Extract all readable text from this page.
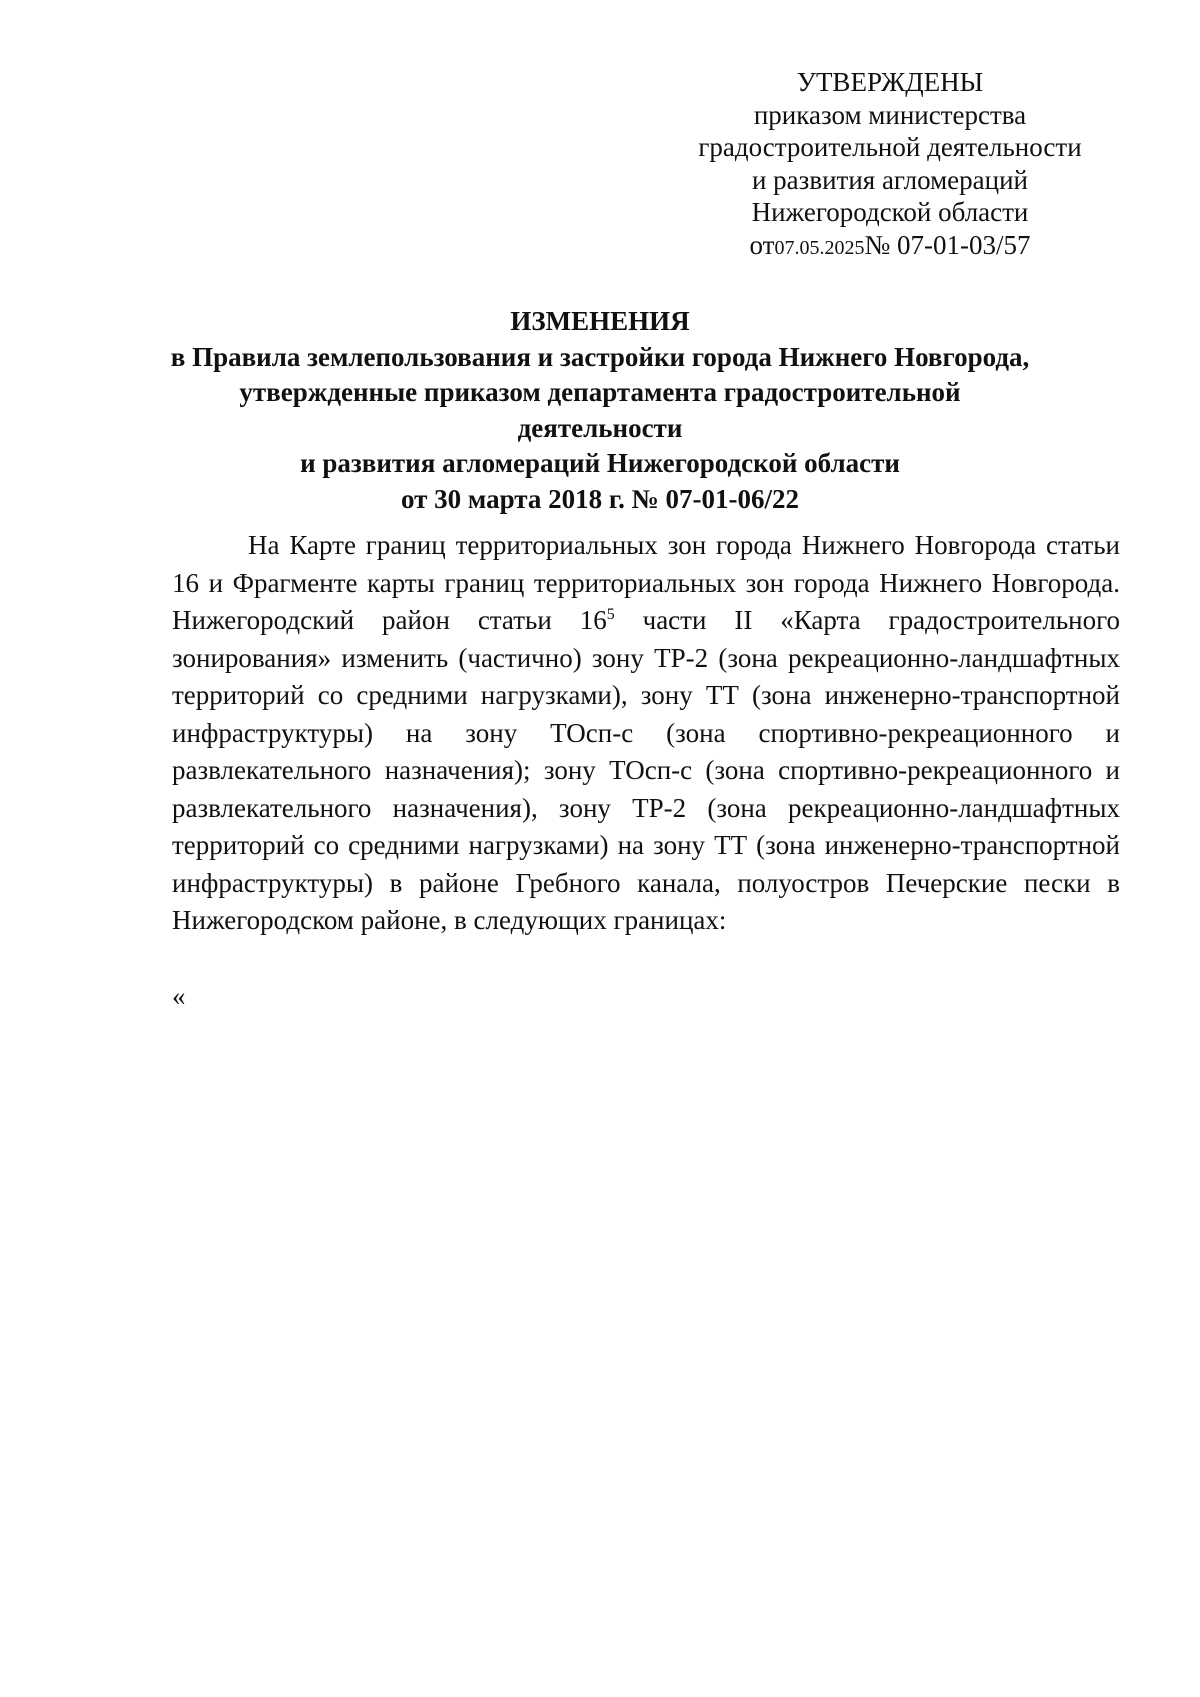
УТВЕРЖДЕНЫ
приказом министерства
градостроительной деятельности
и развития агломераций
Нижегородской области
от07.05.2025№ 07-01-03/57
ИЗМЕНЕНИЯ
в Правила землепользования и застройки города Нижнего Новгорода,
утвержденные приказом департамента градостроительной деятельности
и развития агломераций Нижегородской области
от 30 марта 2018 г. № 07-01-06/22

На Карте границ территориальных зон города Нижнего Новгорода статьи 16 и Фрагменте карты границ территориальных зон города Нижнего Новгорода. Нижегородский район статьи $16^5$ части II «Карта градостроительного зонирования» изменить (частично) зону ТР-2 (зона рекреационно-ландшафтных территорий со средними нагрузками), зону ТТ (зона инженерно-транспортной инфраструктуры) на зону ТОсп-с (зона спортивно-рекреационного и развлекательного назначения); зону ТОсп-с (зона спортивно-рекреационного и развлекательного назначения), зону ТР-2 (зона рекреационно-ландшафтных территорий со средними нагрузками) на зону ТТ (зона инженерно-транспортной инфраструктуры) в районе Гребного канала, полуостров Печерские пески в Нижегородском районе, в следующих границах:

«
